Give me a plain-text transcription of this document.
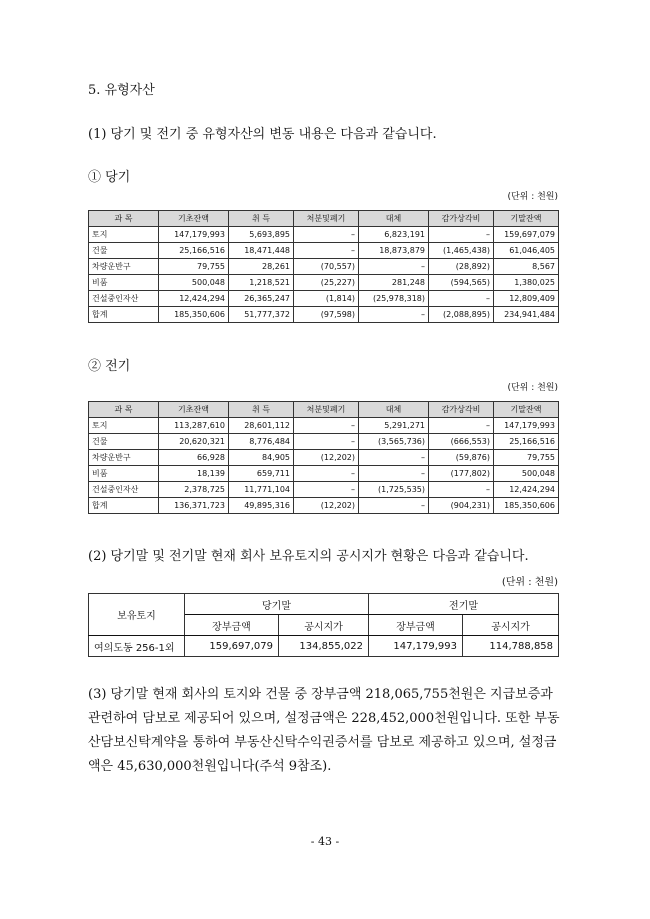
5. 유형자산
(1) 당기 및 전기 중 유형자산의 변동 내용은 다음과 같습니다.
① 당기
(단위 : 천원)
과 목	기초잔액	취 득	처분및폐기	대체	감가상각비	기말잔액
토지	147,179,993	5,693,895	–	6,823,191	–	159,697,079
건물	25,166,516	18,471,448	–	18,873,879	(1,465,438)	61,046,405
차량운반구	79,755	28,261	(70,557)	–	(28,892)	8,567
비품	500,048	1,218,521	(25,227)	281,248	(594,565)	1,380,025
건설중인자산	12,424,294	26,365,247	(1,814)	(25,978,318)	–	12,809,409
합계	185,350,606	51,777,372	(97,598)	–	(2,088,895)	234,941,484
② 전기
(단위 : 천원)
과 목	기초잔액	취 득	처분및폐기	대체	감가상각비	기말잔액
토지	113,287,610	28,601,112	–	5,291,271	–	147,179,993
건물	20,620,321	8,776,484	–	(3,565,736)	(666,553)	25,166,516
차량운반구	66,928	84,905	(12,202)	–	(59,876)	79,755
비품	18,139	659,711	–	–	(177,802)	500,048
건설중인자산	2,378,725	11,771,104	–	(1,725,535)	–	12,424,294
합계	136,371,723	49,895,316	(12,202)	–	(904,231)	185,350,606
(2) 당기말 및 전기말 현재 회사 보유토지의 공시지가 현황은 다음과 같습니다.
(단위 : 천원)
보유토지	당기말		전기말	
	장부금액	공시지가	장부금액	공시지가
여의도동 256-1외	159,697,079	134,855,022	147,179,993	114,788,858
(3) 당기말 현재 회사의 토지와 건물 중 장부금액 218,065,755천원은 지급보증과 관련하여 담보로 제공되어 있으며, 설정금액은 228,452,000천원입니다. 또한 부동산담보신탁계약을 통하여 부동산신탁수익권증서를 담보로 제공하고 있으며, 설정금액은 45,630,000천원입니다(주석 9참조).
- 43 -
